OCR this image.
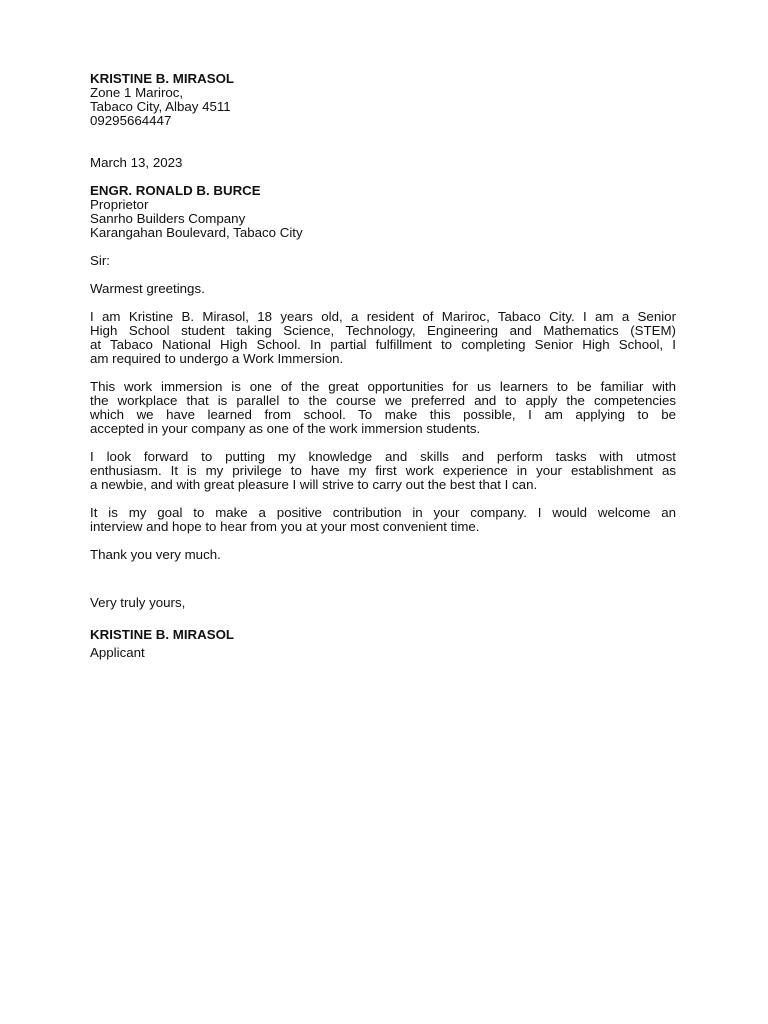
KRISTINE B. MIRASOL
Zone 1 Mariroc,
Tabaco City, Albay 4511
09295664447
March 13, 2023
ENGR. RONALD B. BURCE
Proprietor
Sanrho Builders Company
Karangahan Boulevard, Tabaco City
Sir:
Warmest greetings.
I am Kristine B. Mirasol, 18 years old, a resident of Mariroc, Tabaco City. I am a Senior
High School student taking Science, Technology, Engineering and Mathematics (STEM)
at Tabaco National High School. In partial fulfillment to completing Senior High School, I
am required to undergo a Work Immersion.
This work immersion is one of the great opportunities for us learners to be familiar with
the workplace that is parallel to the course we preferred and to apply the competencies
which we have learned from school. To make this possible, I am applying to be
accepted in your company as one of the work immersion students.
I look forward to putting my knowledge and skills and perform tasks with utmost
enthusiasm. It is my privilege to have my first work experience in your establishment as
a newbie, and with great pleasure I will strive to carry out the best that I can.
It is my goal to make a positive contribution in your company. I would welcome an
interview and hope to hear from you at your most convenient time.
Thank you very much.
Very truly yours,
KRISTINE B. MIRASOL
Applicant
